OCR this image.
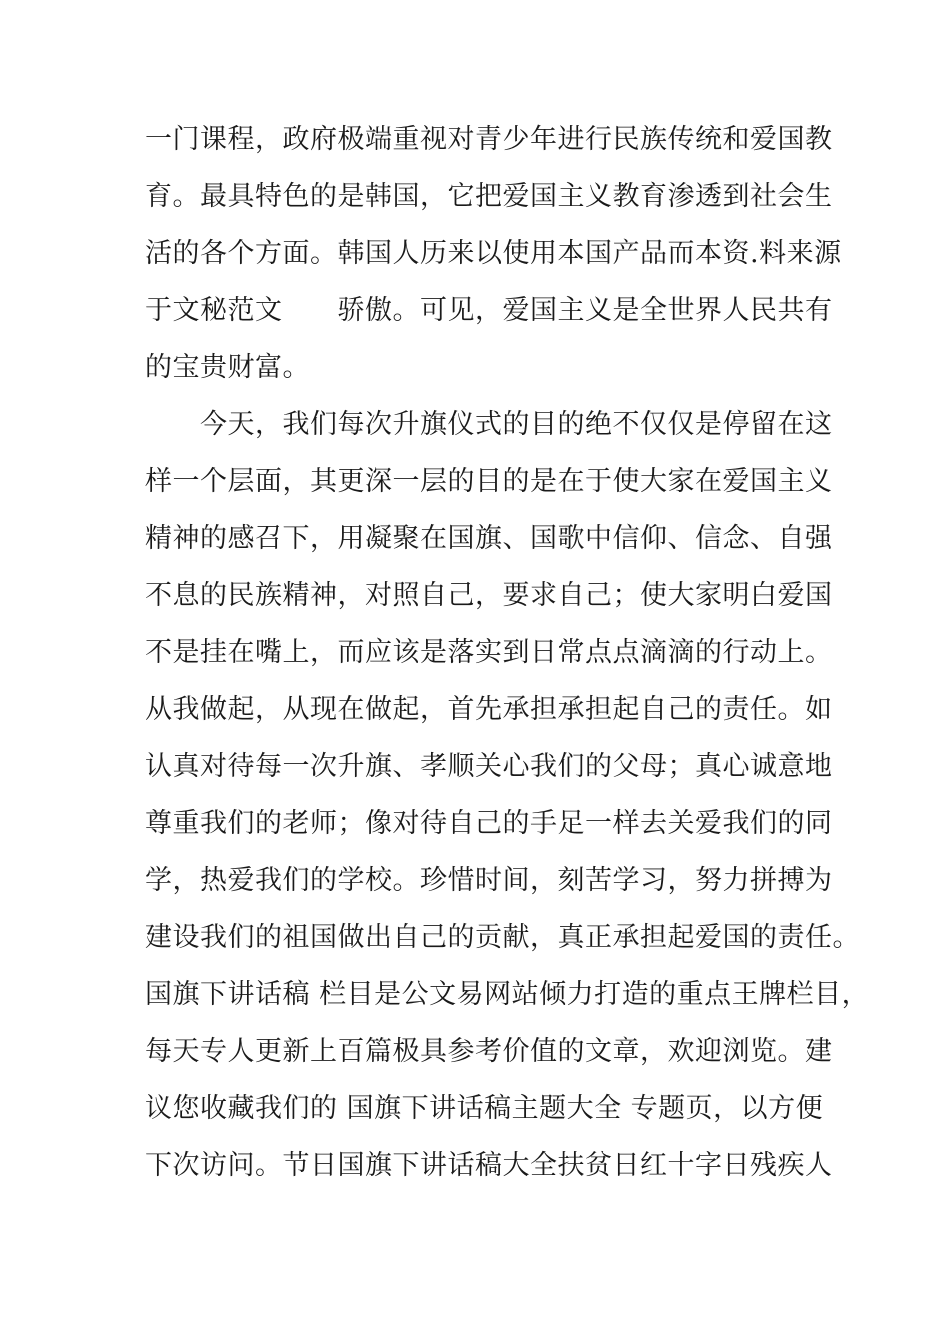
一门课程，政府极端重视对青少年进行民族传统和爱国教

育。最具特色的是韩国，它把爱国主义教育渗透到社会生

活的各个方面。韩国人历来以使用本国产品而本资.料来源

于文秘范文　　骄傲。可见，爱国主义是全世界人民共有

的宝贵财富。

　　今天，我们每次升旗仪式的目的绝不仅仅是停留在这

样一个层面，其更深一层的目的是在于使大家在爱国主义

精神的感召下，用凝聚在国旗、国歌中信仰、信念、自强

不息的民族精神，对照自己，要求自己；使大家明白爱国

不是挂在嘴上，而应该是落实到日常点点滴滴的行动上。

从我做起，从现在做起，首先承担承担起自己的责任。如

认真对待每一次升旗、孝顺关心我们的父母；真心诚意地

尊重我们的老师；像对待自己的手足一样去关爱我们的同

学，热爱我们的学校。珍惜时间，刻苦学习，努力拼搏为

建设我们的祖国做出自己的贡献，真正承担起爱国的责任。

国旗下讲话稿 栏目是公文易网站倾力打造的重点王牌栏目，

每天专人更新上百篇极具参考价值的文章，欢迎浏览。建

议您收藏我们的 国旗下讲话稿主题大全 专题页，以方便

下次访问。节日国旗下讲话稿大全扶贫日红十字日残疾人
